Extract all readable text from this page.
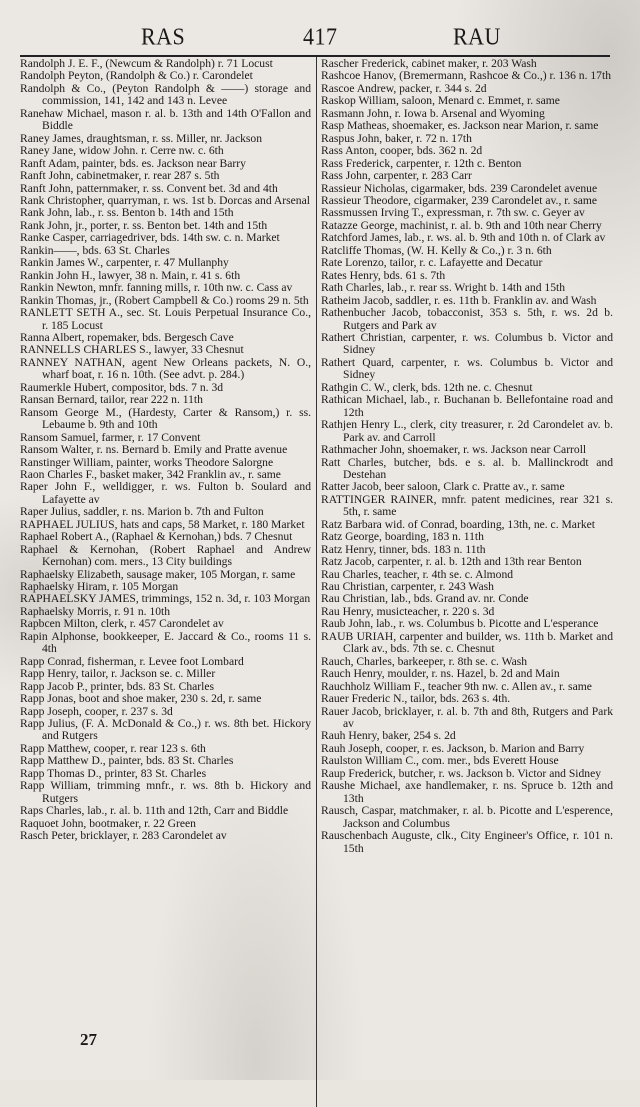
RAS	417	RAU

Randolph J. E. F., (Newcum & Randolph) r. 71 Locust

Randolph Peyton, (Randolph & Co.) r. Carondelet

Randolph & Co., (Peyton Randolph & ——) storage and commission, 141, 142 and 143 n. Levee

Ranehaw Michael, mason r. al. b. 13th and 14th O'Fallon and Biddle

Raney James, draughtsman, r. ss. Miller, nr. Jackson

Raney Jane, widow John. r. Cerre nw. c. 6th

Ranft Adam, painter, bds. es. Jackson near Barry

Ranft John, cabinetmaker, r. rear 287 s. 5th

Ranft John, patternmaker, r. ss. Convent bet. 3d and 4th

Rank Christopher, quarryman, r. ws. 1st b. Dorcas and Arsenal

Rank John, lab., r. ss. Benton b. 14th and 15th

Rank John, jr., porter, r. ss. Benton bet. 14th and 15th

Ranke Casper, carriagedriver, bds. 14th sw. c. n. Market

Rankin——, bds. 63 St. Charles

Rankin James W., carpenter, r. 47 Mullanphy

Rankin John H., lawyer, 38 n. Main, r. 41 s. 6th

Rankin Newton, mnfr. fanning mills, r. 10th nw. c. Cass av

Rankin Thomas, jr., (Robert Campbell & Co.) rooms 29 n. 5th

RANLETT SETH A., sec. St. Louis Perpetual Insurance Co., r. 185 Locust

Ranna Albert, ropemaker, bds. Bergesch Cave

RANNELLS CHARLES S., lawyer, 33 Chesnut

RANNEY NATHAN, agent New Orleans packets, N. O., wharf boat, r. 16 n. 10th. (See advt. p. 284.)

Raumerkle Hubert, compositor, bds. 7 n. 3d

Ransan Bernard, tailor, rear 222 n. 11th

Ransom George M., (Hardesty, Carter & Ransom,) r. ss. Lebaume b. 9th and 10th

Ransom Samuel, farmer, r. 17 Convent

Ransom Walter, r. ns. Bernard b. Emily and Pratte avenue

Ranstinger William, painter, works Theodore Salorgne

Raon Charles F., basket maker, 342 Franklin av., r. same

Raper John F., welldigger, r. ws. Fulton b. Soulard and Lafayette av

Raper Julius, saddler, r. ns. Marion b. 7th and Fulton

RAPHAEL JULIUS, hats and caps, 58 Market, r. 180 Market

Raphael Robert A., (Raphael & Kernohan,) bds. 7 Chesnut

Raphael & Kernohan, (Robert Raphael and Andrew Kernohan) com. mers., 13 City buildings

Raphaelsky Elizabeth, sausage maker, 105 Morgan, r. same

Raphaelsky Hiram, r. 105 Morgan

RAPHAELSKY JAMES, trimmings, 152 n. 3d, r. 103 Morgan

Raphaelsky Morris, r. 91 n. 10th

Rapbcen Milton, clerk, r. 457 Carondelet av

Rapin Alphonse, bookkeeper, E. Jaccard & Co., rooms 11 s. 4th

Rapp Conrad, fisherman, r. Levee foot Lombard

Rapp Henry, tailor, r. Jackson se. c. Miller

Rapp Jacob P., printer, bds. 83 St. Charles

Rapp Jonas, boot and shoe maker, 230 s. 2d, r. same

Rapp Joseph, cooper, r. 237 s. 3d

Rapp Julius, (F. A. McDonald & Co.,) r. ws. 8th bet. Hickory and Rutgers

Rapp Matthew, cooper, r. rear 123 s. 6th

Rapp Matthew D., painter, bds. 83 St. Charles

Rapp Thomas D., printer, 83 St. Charles

Rapp William, trimming mnfr., r. ws. 8th b. Hickory and Rutgers

Raps Charles, lab., r. al. b. 11th and 12th, Carr and Biddle

Raquoet John, bootmaker, r. 22 Green

Rasch Peter, bricklayer, r. 283 Carondelet av

Rascher Frederick, cabinet maker, r. 203 Wash

Rashcoe Hanov, (Bremermann, Rashcoe & Co.,) r. 136 n. 17th

Rascoe Andrew, packer, r. 344 s. 2d

Raskop William, saloon, Menard c. Emmet, r. same

Rasmann John, r. Iowa b. Arsenal and Wyoming

Rasp Matheas, shoemaker, es. Jackson near Marion, r. same

Raspus John, baker, r. 72 n. 17th

Rass Anton, cooper, bds. 362 n. 2d

Rass Frederick, carpenter, r. 12th c. Benton

Rass John, carpenter, r. 283 Carr

Rassieur Nicholas, cigarmaker, bds. 239 Carondelet avenue

Rassieur Theodore, cigarmaker, 239 Carondelet av., r. same

Rassmussen Irving T., expressman, r. 7th sw. c. Geyer av

Ratazze George, machinist, r. al. b. 9th and 10th near Cherry

Ratchford James, lab., r. ws. al. b. 9th and 10th n. of Clark av

Ratcliffe Thomas, (W. H. Kelly & Co.,) r. 3 n. 6th

Rate Lorenzo, tailor, r. c. Lafayette and Decatur

Rates Henry, bds. 61 s. 7th

Rath Charles, lab., r. rear ss. Wright b. 14th and 15th

Ratheim Jacob, saddler, r. es. 11th b. Franklin av. and Wash

Rathenbucher Jacob, tobacconist, 353 s. 5th, r. ws. 2d b. Rutgers and Park av

Rathert Christian, carpenter, r. ws. Columbus b. Victor and Sidney

Rathert Quard, carpenter, r. ws. Columbus b. Victor and Sidney

Rathgin C. W., clerk, bds. 12th ne. c. Chesnut

Rathican Michael, lab., r. Buchanan b. Bellefontaine road and 12th

Rathjen Henry L., clerk, city treasurer, r. 2d Carondelet av. b. Park av. and Carroll

Rathmacher John, shoemaker, r. ws. Jackson near Carroll

Ratt Charles, butcher, bds. e s. al. b. Mallinckrodt and Destehan

Ratter Jacob, beer saloon, Clark c. Pratte av., r. same

RATTINGER RAINER, mnfr. patent medicines, rear 321 s. 5th, r. same

Ratz Barbara wid. of Conrad, boarding, 13th, ne. c. Market

Ratz George, boarding, 183 n. 11th

Ratz Henry, tinner, bds. 183 n. 11th

Ratz Jacob, carpenter, r. al. b. 12th and 13th rear Benton

Rau Charles, teacher, r. 4th se. c. Almond

Rau Christian, carpenter, r. 243 Wash

Rau Christian, lab., bds. Grand av. nr. Conde

Rau Henry, musicteacher, r. 220 s. 3d

Raub John, lab., r. ws. Columbus b. Picotte and L'esperance

RAUB URIAH, carpenter and builder, ws. 11th b. Market and Clark av., bds. 7th se. c. Chesnut

Rauch, Charles, barkeeper, r. 8th se. c. Wash

Rauch Henry, moulder, r. ns. Hazel, b. 2d and Main

Rauchholz William F., teacher 9th nw. c. Allen av., r. same

Rauer Frederic N., tailor, bds. 263 s. 4th.

Rauer Jacob, bricklayer, r. al. b. 7th and 8th, Rutgers and Park av

Rauh Henry, baker, 254 s. 2d

Rauh Joseph, cooper, r. es. Jackson, b. Marion and Barry

Raulston William C., com. mer., bds Everett House

Raup Frederick, butcher, r. ws. Jackson b. Victor and Sidney

Raushe Michael, axe handlemaker, r. ns. Spruce b. 12th and 13th

Rausch, Caspar, matchmaker, r. al. b. Picotte and L'esperence, Jackson and Columbus

Rauschenbach Auguste, clk., City Engineer's Office, r. 101 n. 15th

27
